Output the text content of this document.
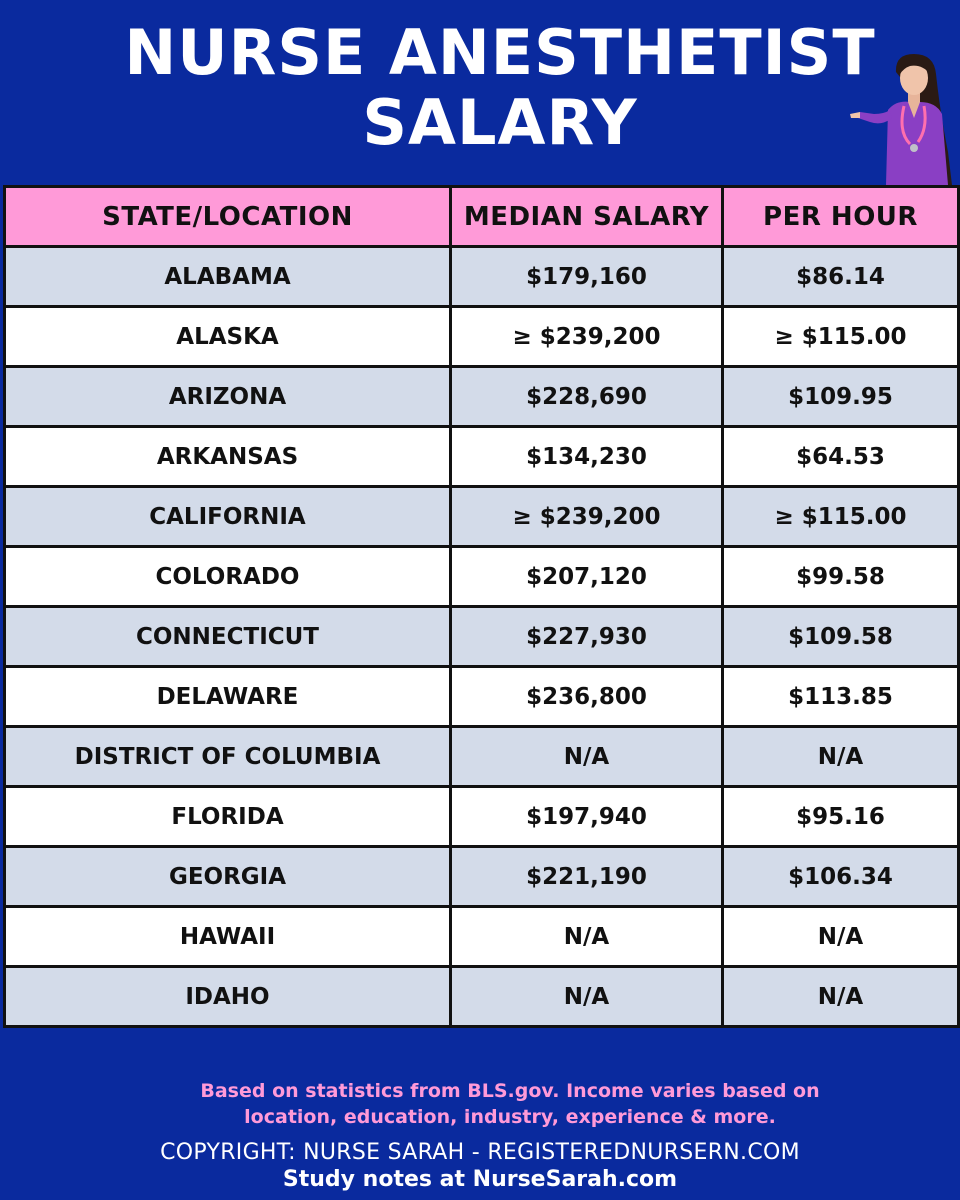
NURSE ANESTHETIST
SALARY
STATE/LOCATION	MEDIAN SALARY	PER HOUR
ALABAMA	$179,160	$86.14
ALASKA	≥ $239,200	≥ $115.00
ARIZONA	$228,690	$109.95
ARKANSAS	$134,230	$64.53
CALIFORNIA	≥ $239,200	≥ $115.00
COLORADO	$207,120	$99.58
CONNECTICUT	$227,930	$109.58
DELAWARE	$236,800	$113.85
DISTRICT OF COLUMBIA	N/A	N/A
FLORIDA	$197,940	$95.16
GEORGIA	$221,190	$106.34
HAWAII	N/A	N/A
IDAHO	N/A	N/A
Based on statistics from BLS.gov. Income varies based on location, education, industry, experience & more.
COPYRIGHT: NURSE SARAH - REGISTEREDNURSERN.COM
Study notes at NurseSarah.com
